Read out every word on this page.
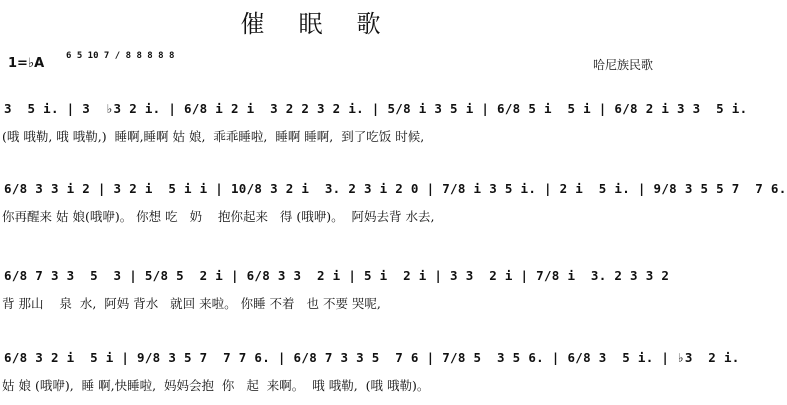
催眠歌
1=♭A 6 5 10 7 / 8 8 8 8 8
哈尼族民歌
3  5 i. | 3  ♭3 2 i. | 6/8 i 2 i  3 2 2 3 2 i. | 5/8 i 3 5 i | 6/8 5 i  5 i | 6/8 2 i 3 3  5 i.
(哦 哦勒, 哦 哦勒,)  睡啊,睡啊 姑 娘,  乖乖睡啦,  睡啊 睡啊,  到了吃饭 时候,
6/8 3 3 i 2 | 3 2 i  5 i i | 10/8 3 2 i  3. 2 3 i 2 0 | 7/8 i 3 5 i. | 2 i  5 i. | 9/8 3 5 5 7  7 6.
你再醒来 姑 娘(哦咿)。 你想 吃   奶    抱你起来   得 (哦咿)。  阿妈去背 水去,
6/8 7 3 3  5  3 | 5/8 5  2 i | 6/8 3 3  2 i | 5 i  2 i | 3 3  2 i | 7/8 i  3. 2 3 3 2
背 那山    泉  水,  阿妈 背水   就回 来啦。 你睡 不着   也 不要 哭呢,
6/8 3 2 i  5 i | 9/8 3 5 7  7 7 6. | 6/8 7 3 3 5  7 6 | 7/8 5  3 5 6. | 6/8 3  5 i. | ♭3  2 i.
姑 娘 (哦咿),  睡 啊,快睡啦,  妈妈会抱  你   起  来啊。  哦 哦勒,  (哦 哦勒)。
